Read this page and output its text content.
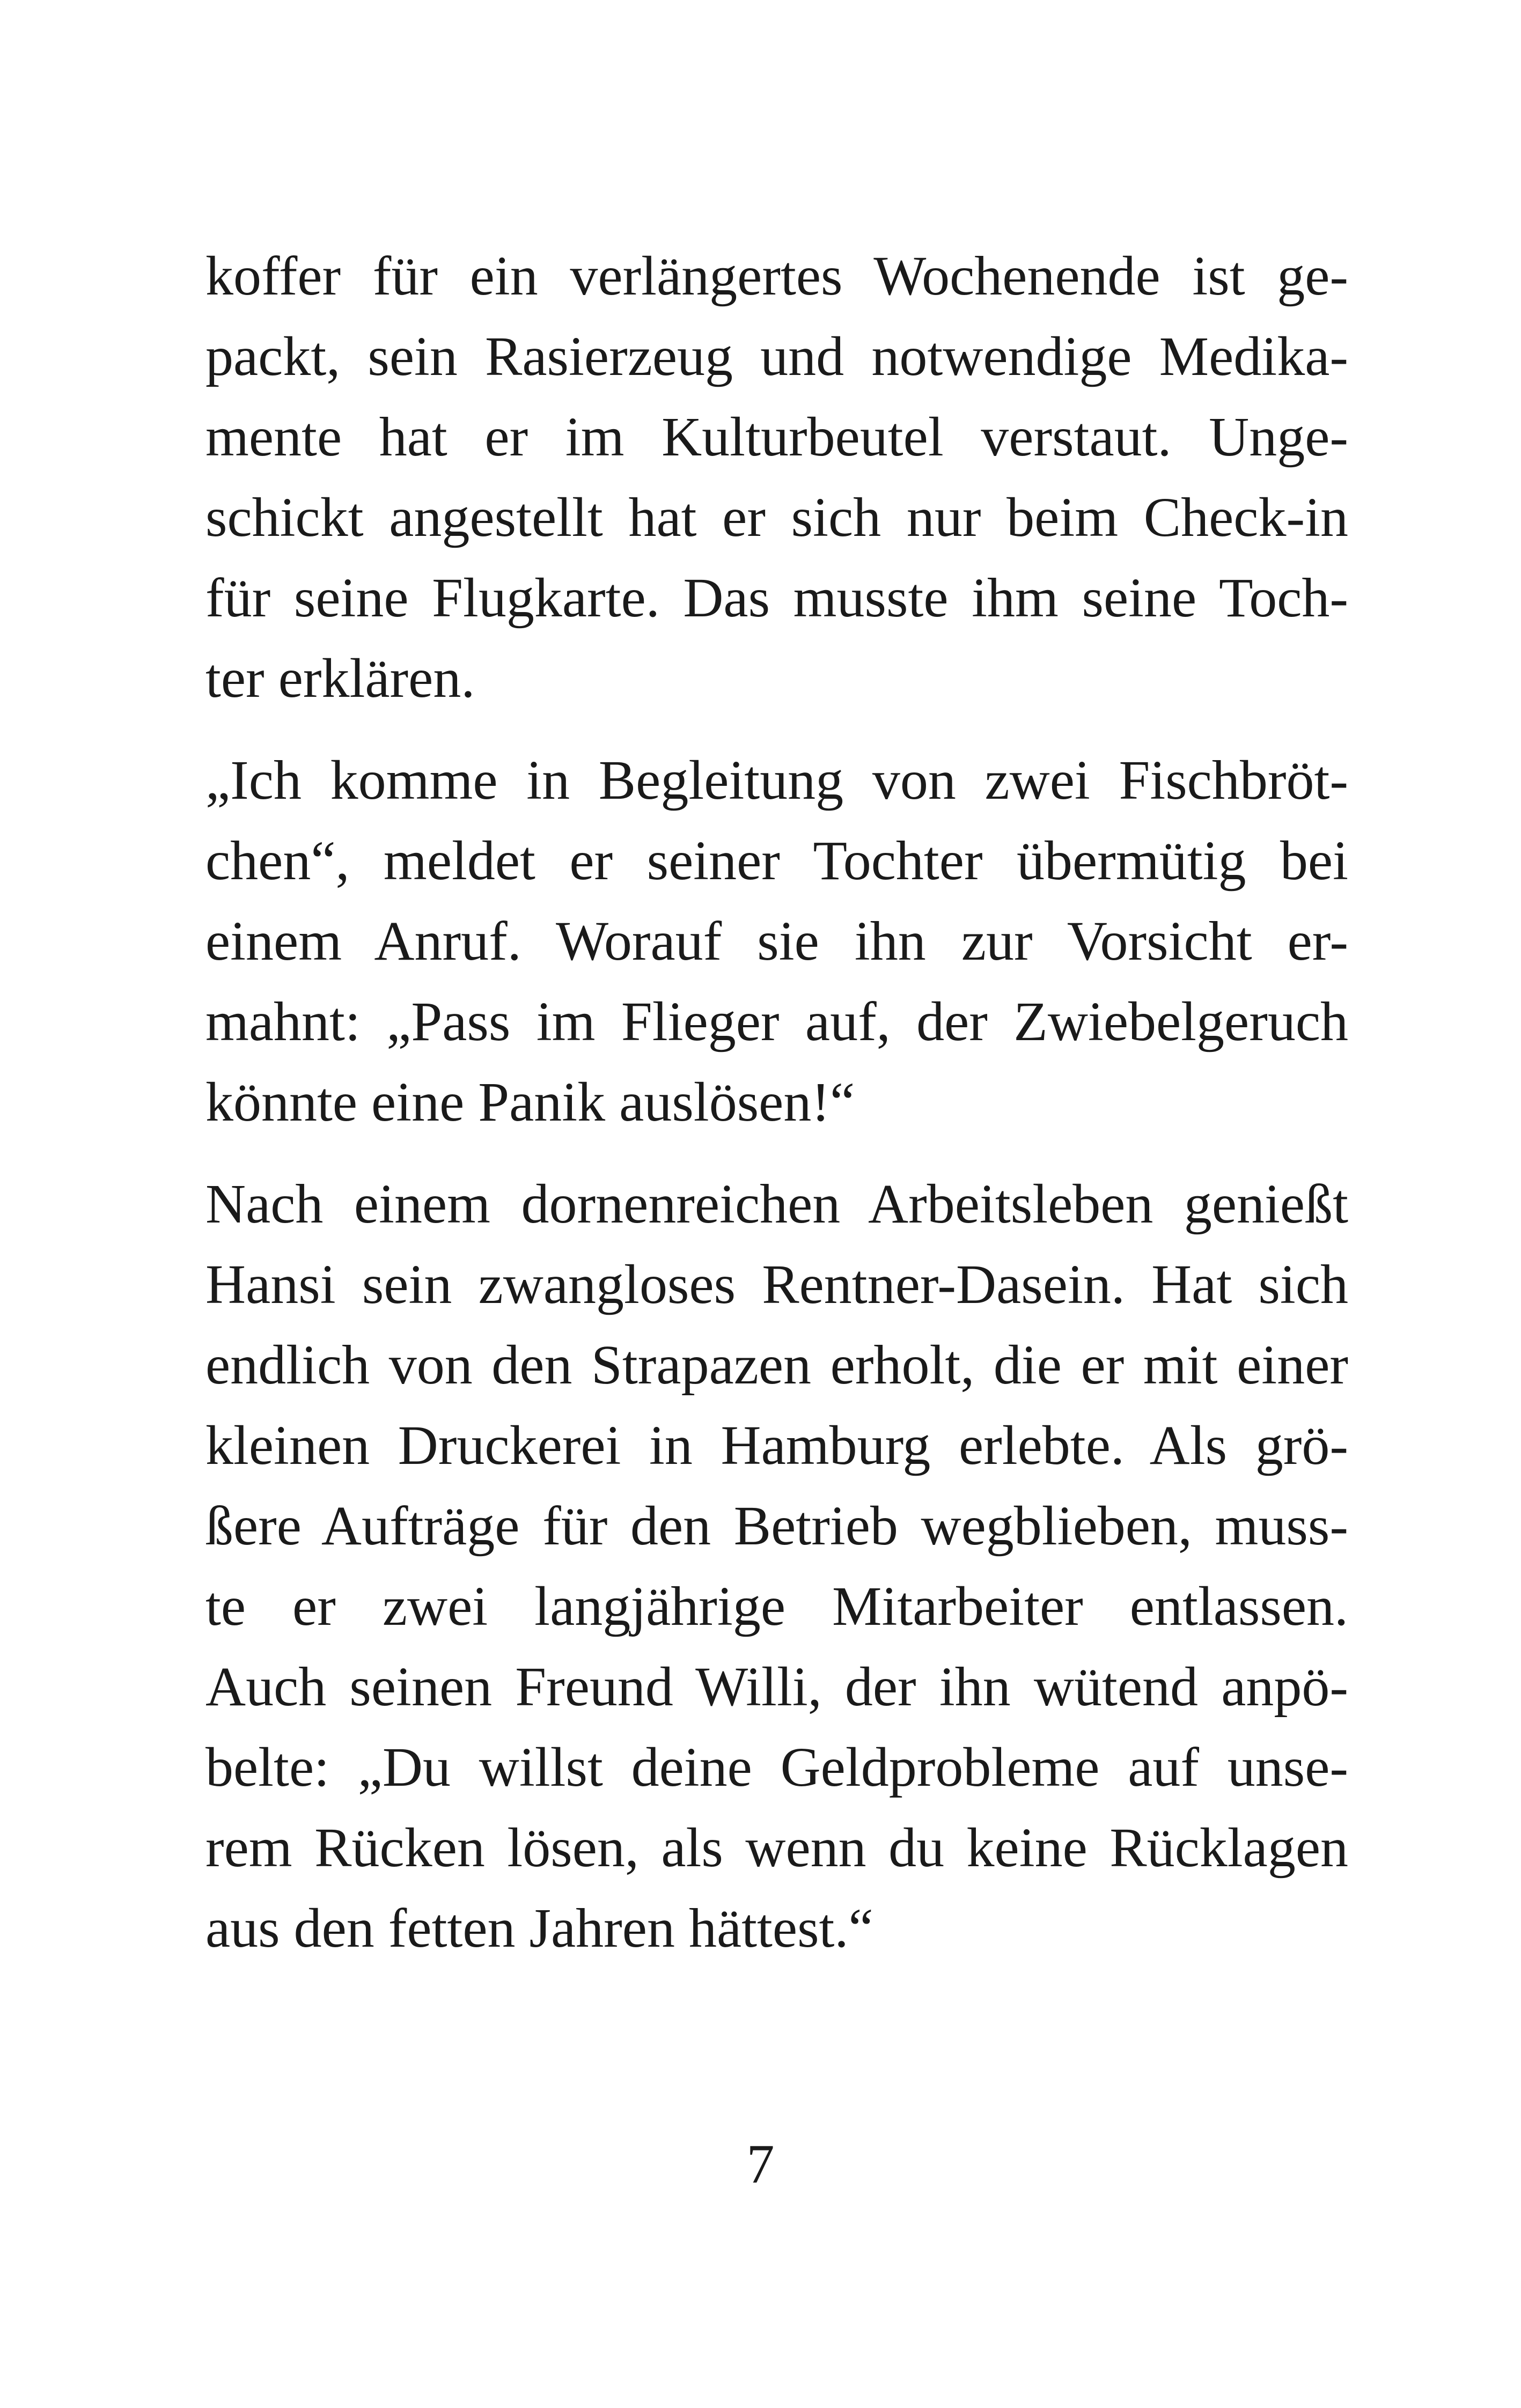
koffer für ein verlängertes Wochenende ist ge-
packt, sein Rasierzeug und notwendige Medika-
mente hat er im Kulturbeutel verstaut. Unge-
schickt angestellt hat er sich nur beim Check-in
für seine Flugkarte. Das musste ihm seine Toch-
ter erklären.

„Ich komme in Begleitung von zwei Fischbröt-
chen“, meldet er seiner Tochter übermütig bei
einem Anruf. Worauf sie ihn zur Vorsicht er-
mahnt: „Pass im Flieger auf, der Zwiebelgeruch
könnte eine Panik auslösen!“

Nach einem dornenreichen Arbeitsleben genießt
Hansi sein zwangloses Rentner-Dasein. Hat sich
endlich von den Strapazen erholt, die er mit einer
kleinen Druckerei in Hamburg erlebte. Als grö-
ßere Aufträge für den Betrieb wegblieben, muss-
te er zwei langjährige Mitarbeiter entlassen.
Auch seinen Freund Willi, der ihn wütend anpö-
belte: „Du willst deine Geldprobleme auf unse-
rem Rücken lösen, als wenn du keine Rücklagen
aus den fetten Jahren hättest.“

7
